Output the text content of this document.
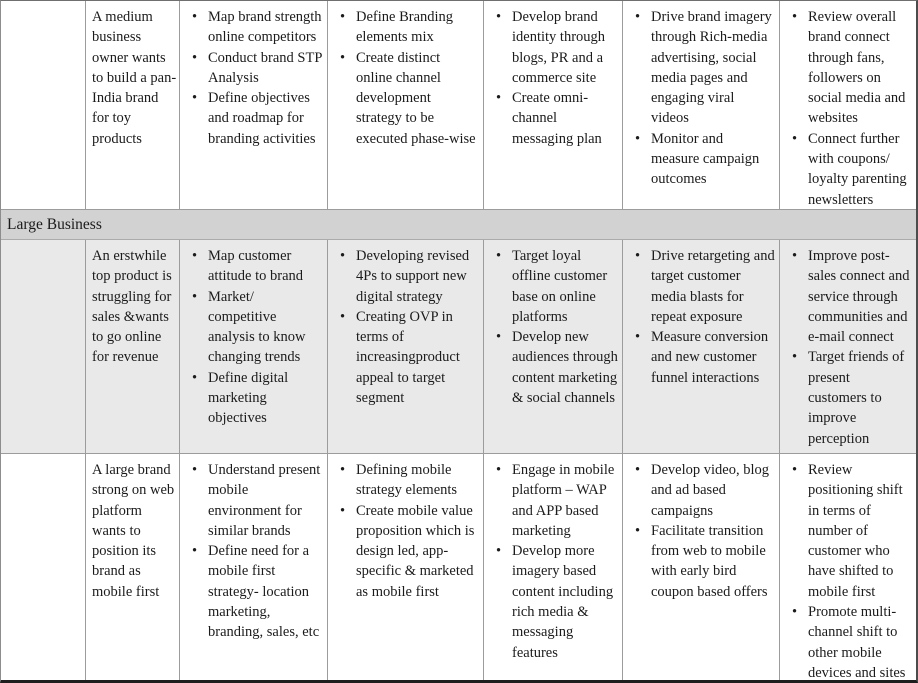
A medium business owner wants to build a pan- India brand for toy products
• Map brand strength online competitors
• Conduct brand STP Analysis
• Define objectives and roadmap for branding activities
• Define Branding elements mix
• Create distinct online channel development strategy to be executed phase-wise
• Develop brand identity through blogs, PR and a commerce site
• Create omni-channel messaging plan
• Drive brand imagery through Rich-media advertising, social media pages and engaging viral videos
• Monitor and measure campaign outcomes
• Review overall brand connect through fans, followers on social media and websites
• Connect further with coupons/ loyalty parenting newsletters
Large Business
An erstwhile top product is struggling for sales &wants to go online for revenue
• Map customer attitude to brand
• Market/ competitive analysis to know changing trends
• Define digital marketing objectives
• Developing revised 4Ps to support new digital strategy
• Creating OVP in terms of increasingproduct appeal to target segment
• Target loyal offline customer base on online platforms
• Develop new audiences through content marketing & social channels
• Drive retargeting and target customer media blasts for repeat exposure
• Measure conversion and new customer funnel interactions
• Improve post-sales connect and service through communities and e-mail connect
• Target friends of present customers to improve perception
A large brand strong on web platform wants to position its brand as mobile first
• Understand present mobile environment for similar brands
• Define need for a mobile first strategy- location marketing, branding, sales, etc
• Defining mobile strategy elements
• Create mobile value proposition which is design led, app-specific & marketed as mobile first
• Engage in mobile platform – WAP and APP based marketing
• Develop more imagery based content including rich media & messaging features
• Develop video, blog and ad based campaigns
• Facilitate transition from web to mobile with early bird coupon based offers
• Review positioning shift in terms of number of customer who have shifted to mobile first
• Promote multi-channel shift to other mobile devices and sites
